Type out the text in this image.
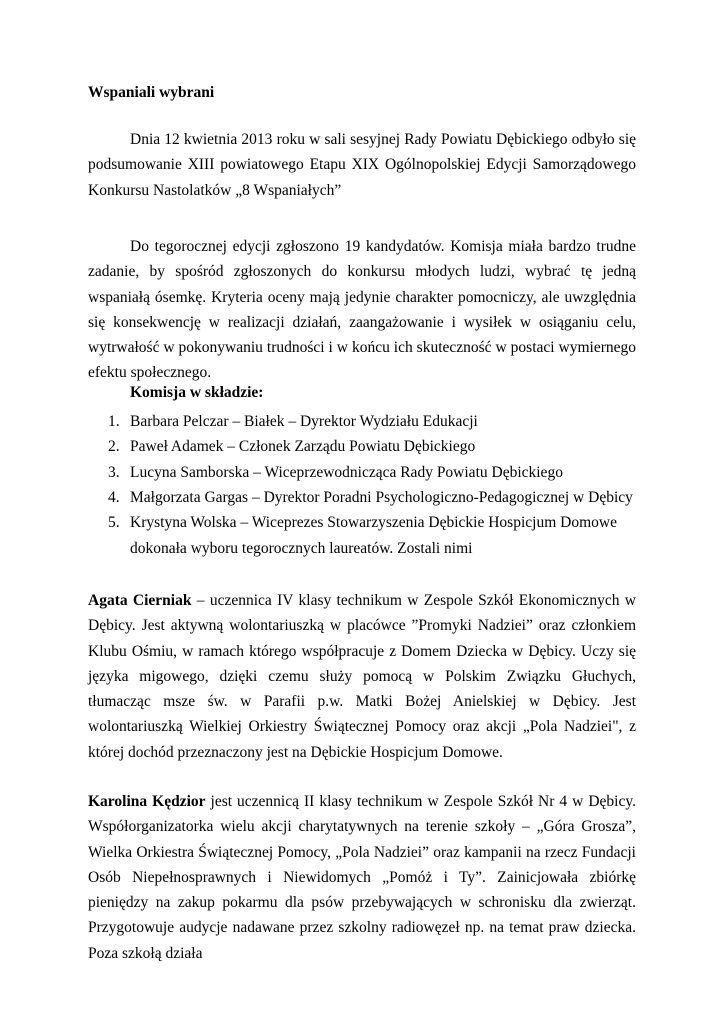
Wspaniali wybrani

Dnia 12 kwietnia 2013 roku w sali sesyjnej Rady Powiatu Dębickiego odbyło się podsumowanie XIII powiatowego Etapu XIX Ogólnopolskiej Edycji Samorządowego Konkursu Nastolatków „8 Wspaniałych”

Do tegorocznej edycji zgłoszono 19 kandydatów. Komisja miała bardzo trudne zadanie, by spośród zgłoszonych do konkursu młodych ludzi, wybrać tę jedną wspaniałą ósemkę. Kryteria oceny mają jedynie charakter pomocniczy, ale uwzględnia się konsekwencję w realizacji działań, zaangażowanie i wysiłek w osiąganiu celu, wytrwałość w pokonywaniu trudności i w końcu ich skuteczność w postaci wymiernego efektu społecznego.

Komisja w składzie:

1. Barbara Pelczar – Białek – Dyrektor Wydziału Edukacji
2. Paweł Adamek – Członek Zarządu Powiatu Dębickiego
3. Lucyna Samborska – Wiceprzewodnicząca Rady Powiatu Dębickiego
4. Małgorzata Gargas – Dyrektor Poradni Psychologiczno-Pedagogicznej w Dębicy
5. Krystyna Wolska – Wiceprezes Stowarzyszenia Dębickie Hospicjum Domowe

dokonała wyboru tegorocznych laureatów. Zostali nimi

Agata Cierniak – uczennica IV klasy technikum w Zespole Szkół Ekonomicznych w Dębicy. Jest aktywną wolontariuszką w placówce ”Promyki Nadziei” oraz członkiem Klubu Ośmiu, w ramach którego współpracuje z Domem Dziecka w Dębicy. Uczy się języka migowego, dzięki czemu służy pomocą w Polskim Związku Głuchych, tłumacząc msze św. w Parafii p.w. Matki Bożej Anielskiej w Dębicy. Jest wolontariuszką Wielkiej Orkiestry Świątecznej Pomocy oraz akcji „Pola Nadziei", z której dochód przeznaczony jest na Dębickie Hospicjum Domowe.

Karolina Kędzior jest uczennicą II klasy technikum w Zespole Szkół Nr 4 w Dębicy. Współorganizatorka wielu akcji charytatywnych na terenie szkoły – „Góra Grosza”, Wielka Orkiestra Świątecznej Pomocy, „Pola Nadziei” oraz kampanii na rzecz Fundacji Osób Niepełnosprawnych i Niewidomych „Pomóż i Ty”. Zainicjowała zbiórkę pieniędzy na zakup pokarmu dla psów przebywających w schronisku dla zwierząt. Przygotowuje audycje nadawane przez szkolny radiowęzeł np. na temat praw dziecka. Poza szkołą działa
